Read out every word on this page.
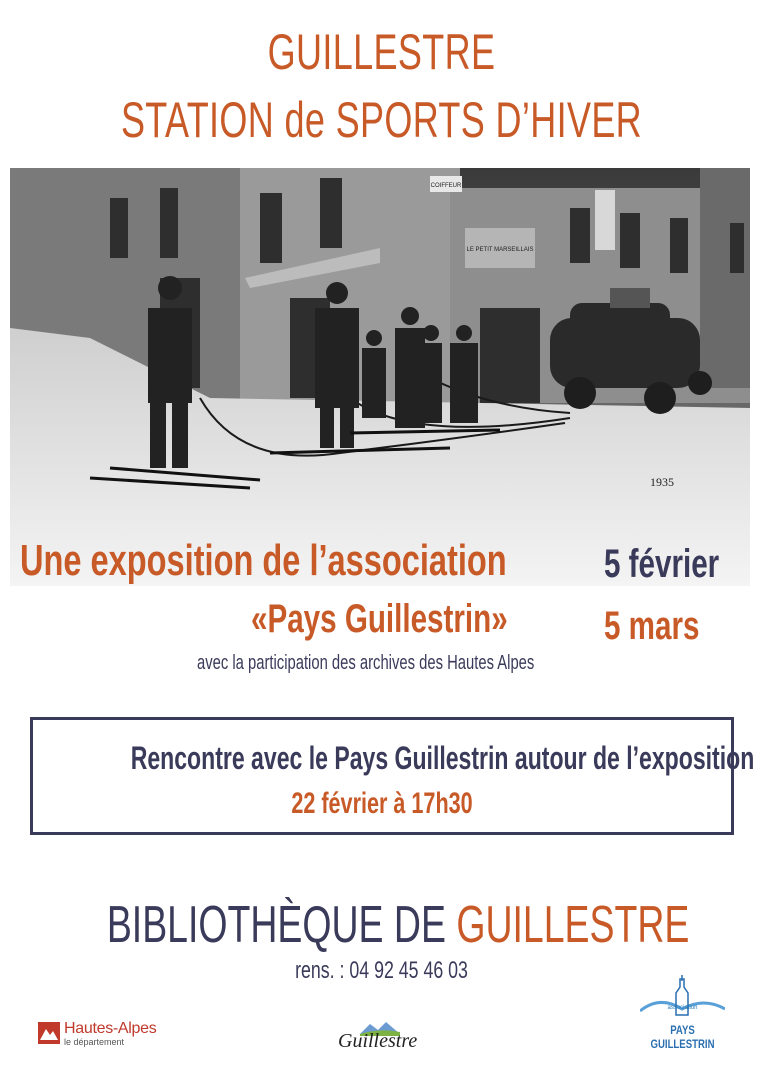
GUILLESTRE
STATION de SPORTS D’HIVER
COIFFEUR
LE PETIT MARSEILLAIS
1935
Une exposition de l’association
«Pays Guillestrin»
avec la participation des archives des Hautes Alpes
5 février
5 mars
Rencontre avec le Pays Guillestrin autour de l’exposition
22 février à 17h30
BIBLIOTHÈQUE DE GUILLESTRE
rens. : 04 92 45 46 03
Hautes-Alpes
le département	Guillestre
association
PAYS
GUILLESTRIN
